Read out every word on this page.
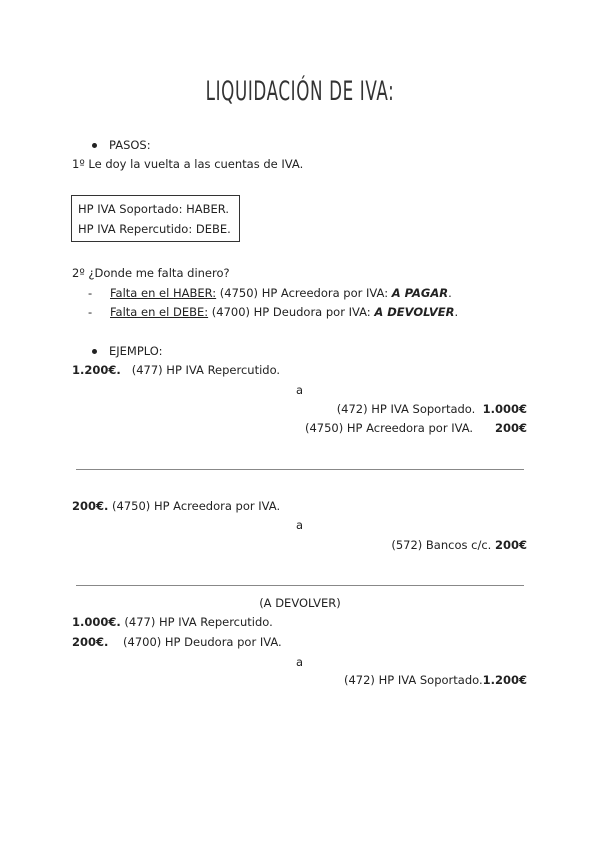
LIQUIDACIÓN DE IVA:
PASOS:
1º Le doy la vuelta a las cuentas de IVA.
HP IVA Soportado: HABER.
HP IVA Repercutido: DEBE.
2º ¿Donde me falta dinero?
- Falta en el HABER: (4750) HP Acreedora por IVA: A PAGAR.
- Falta en el DEBE: (4700) HP Deudora por IVA: A DEVOLVER.
EJEMPLO:
1.200€. (477) HP IVA Repercutido.
a
(472) HP IVA Soportado. 1.000€
(4750) HP Acreedora por IVA. 200€
200€. (4750) HP Acreedora por IVA.
a
(572) Bancos c/c. 200€
(A DEVOLVER)
1.000€. (477) HP IVA Repercutido.
200€. (4700) HP Deudora por IVA.
a
(472) HP IVA Soportado.1.200€
